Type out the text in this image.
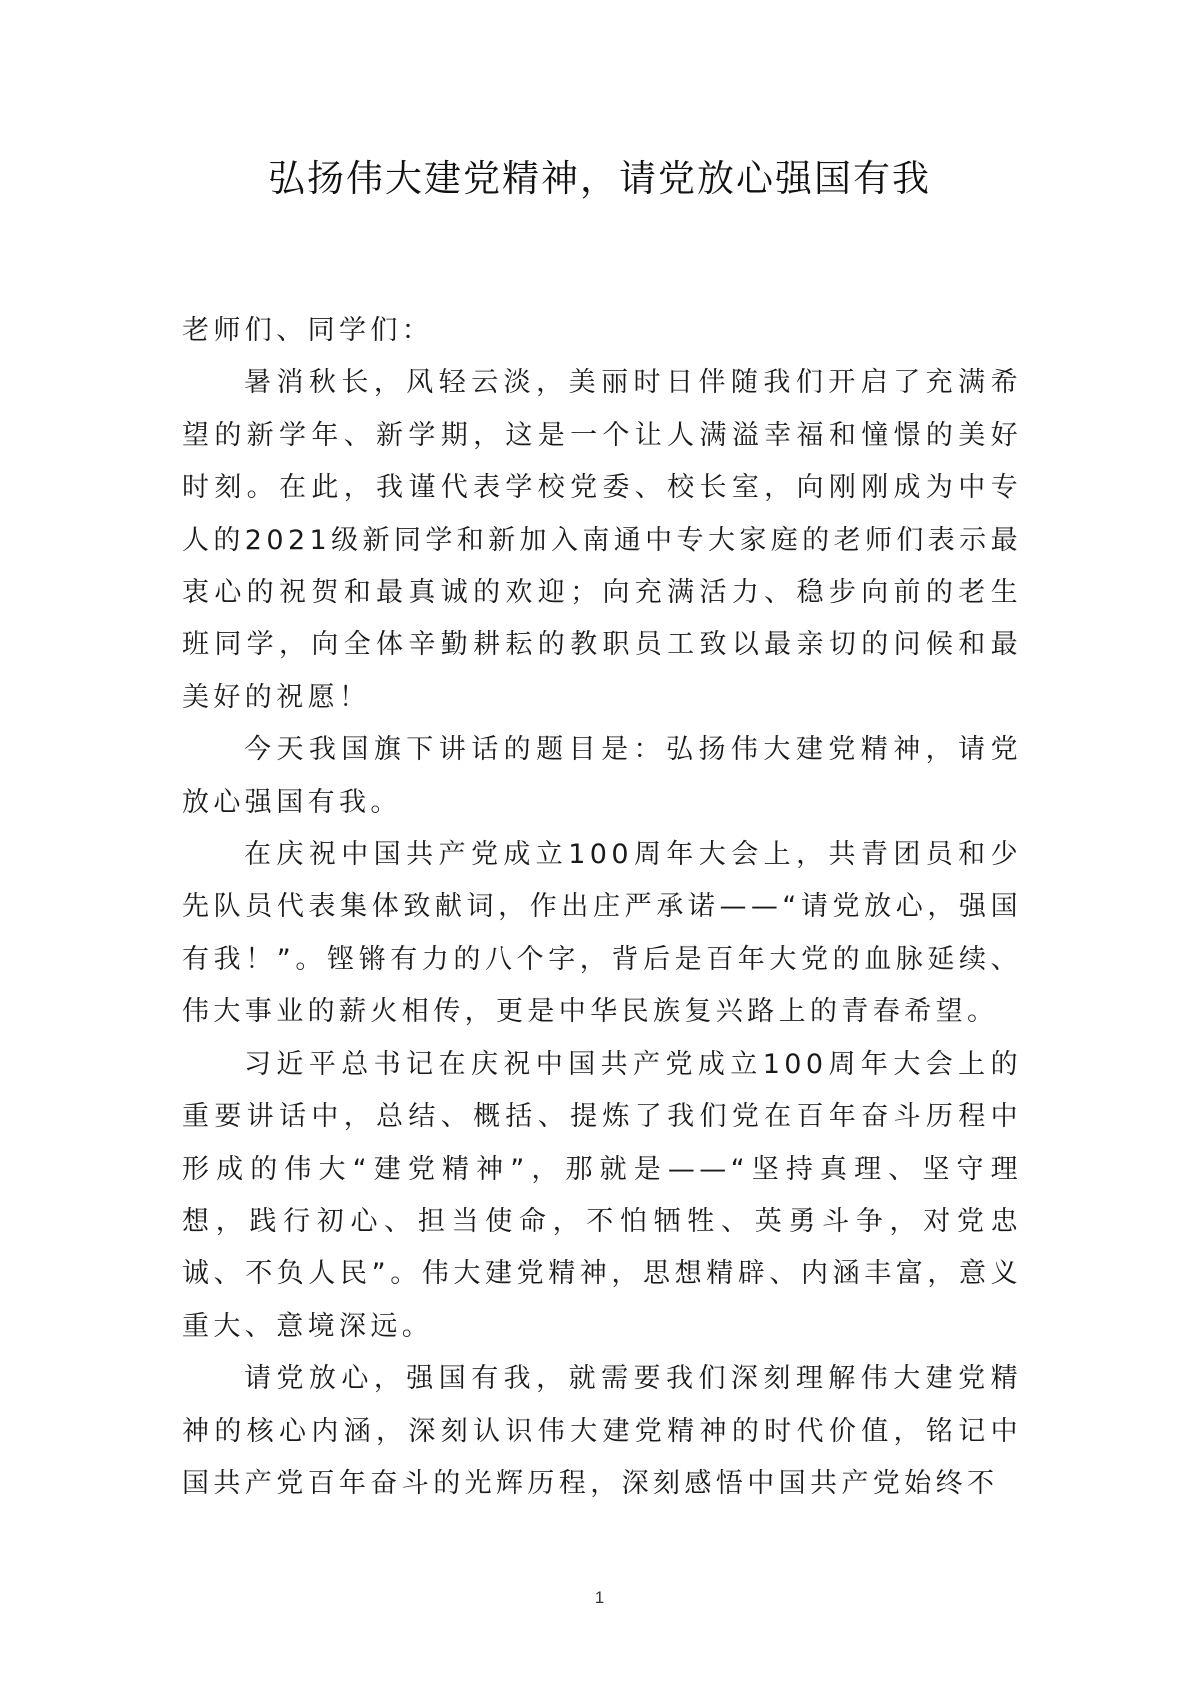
弘扬伟大建党精神，请党放心强国有我

老师们、同学们：

暑消秋长，风轻云淡，美丽时日伴随我们开启了充满希望的新学年、新学期，这是一个让人满溢幸福和憧憬的美好时刻。在此，我谨代表学校党委、校长室，向刚刚成为中专人的2021级新同学和新加入南通中专大家庭的老师们表示最衷心的祝贺和最真诚的欢迎；向充满活力、稳步向前的老生班同学，向全体辛勤耕耘的教职员工致以最亲切的问候和最美好的祝愿！

今天我国旗下讲话的题目是：弘扬伟大建党精神，请党放心强国有我。

在庆祝中国共产党成立100周年大会上，共青团员和少先队员代表集体致献词，作出庄严承诺——“请党放心，强国有我！”。铿锵有力的八个字，背后是百年大党的血脉延续、伟大事业的薪火相传，更是中华民族复兴路上的青春希望。

习近平总书记在庆祝中国共产党成立100周年大会上的重要讲话中，总结、概括、提炼了我们党在百年奋斗历程中形成的伟大“建党精神”，那就是——“坚持真理、坚守理想，践行初心、担当使命，不怕牺牲、英勇斗争，对党忠诚、不负人民”。伟大建党精神，思想精辟、内涵丰富，意义重大、意境深远。

请党放心，强国有我，就需要我们深刻理解伟大建党精神的核心内涵，深刻认识伟大建党精神的时代价值，铭记中国共产党百年奋斗的光辉历程，深刻感悟中国共产党始终不

1
